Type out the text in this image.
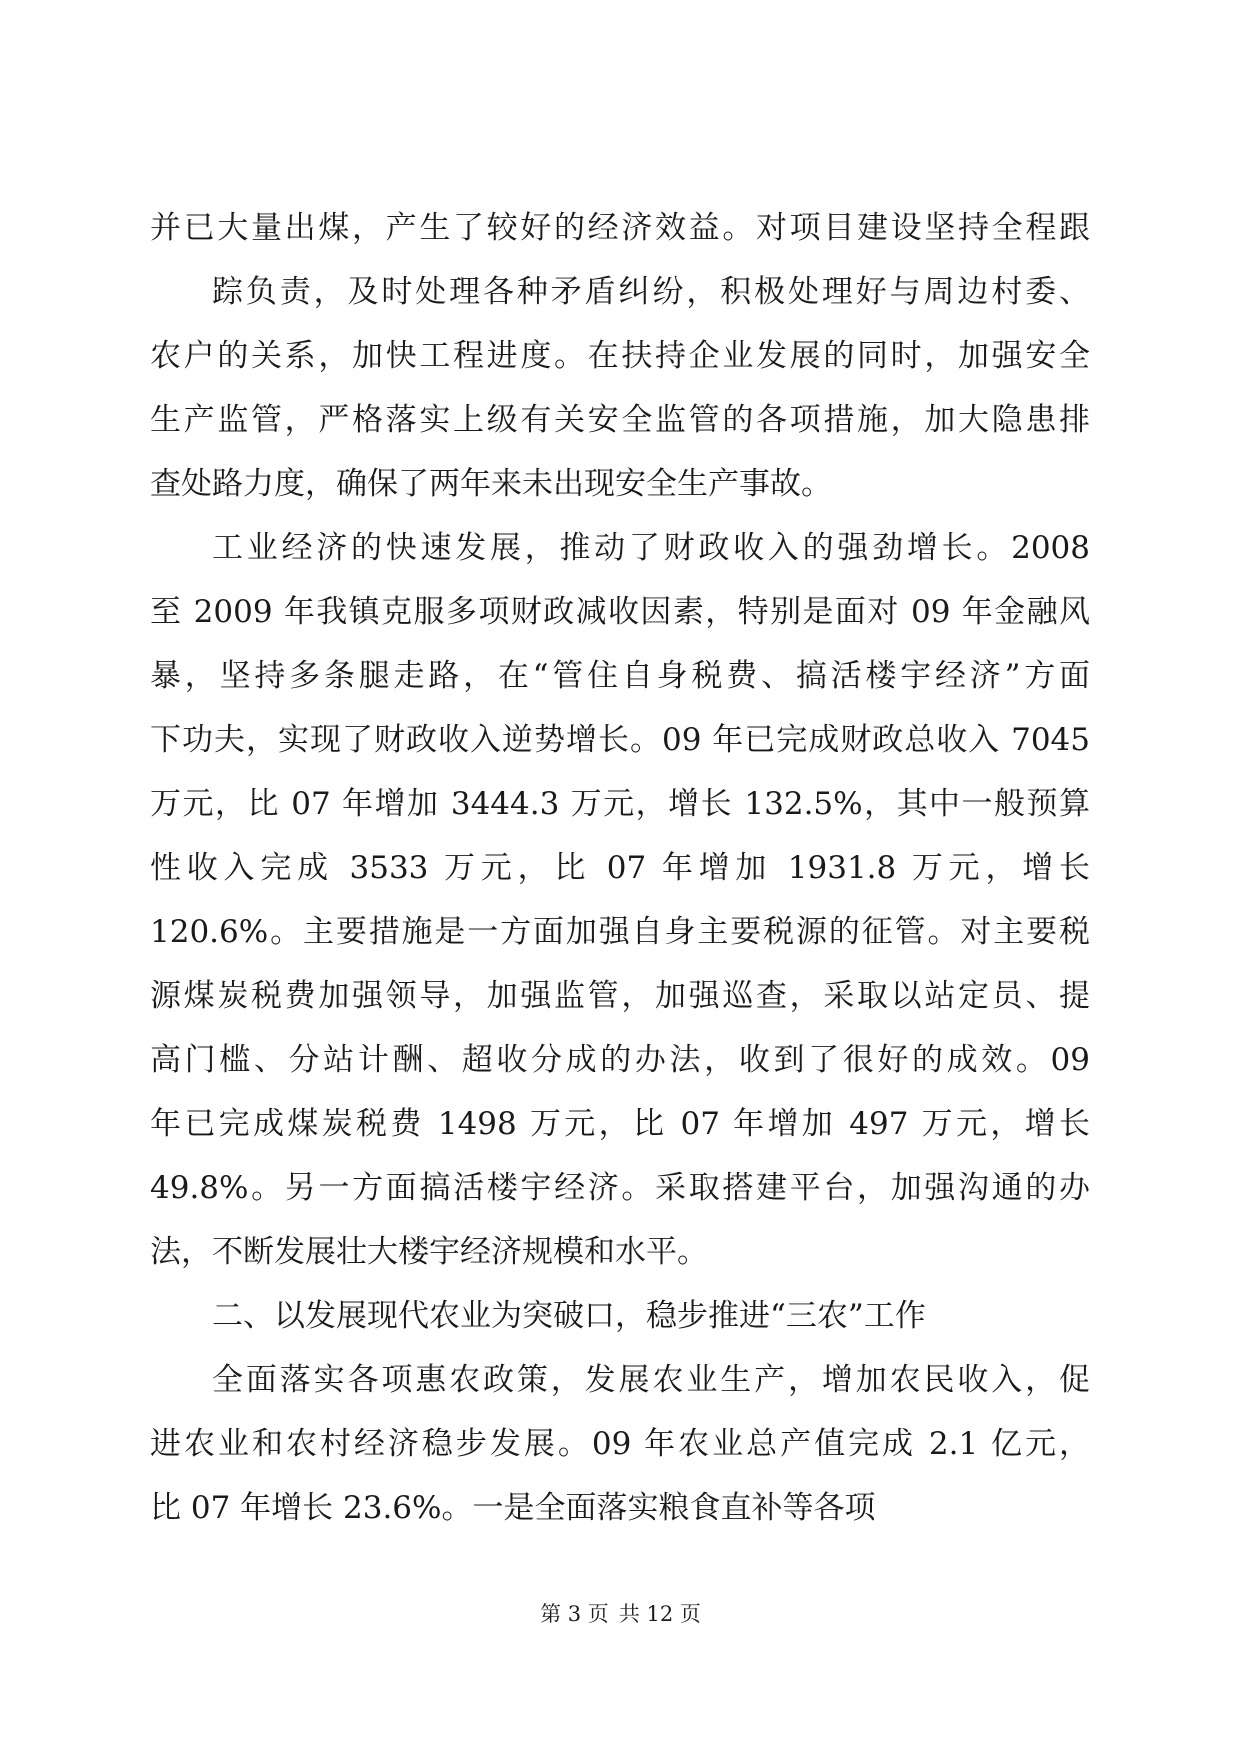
并已大量出煤，产生了较好的经济效益。对项目建设坚持全程跟
踪负责，及时处理各种矛盾纠纷，积极处理好与周边村委、
农户的关系，加快工程进度。在扶持企业发展的同时，加强安全
生产监管，严格落实上级有关安全监管的各项措施，加大隐患排
查处路力度，确保了两年来未出现安全生产事故。
工业经济的快速发展，推动了财政收入的强劲增长。2008
至 2009 年我镇克服多项财政减收因素，特别是面对 09 年金融风
暴，坚持多条腿走路，在“管住自身税费、搞活楼宇经济”方面
下功夫，实现了财政收入逆势增长。09 年已完成财政总收入 7045
万元，比 07 年增加 3444.3 万元，增长 132.5%，其中一般预算
性收入完成 3533 万元，比 07 年增加 1931.8 万元，增长
120.6%。主要措施是一方面加强自身主要税源的征管。对主要税
源煤炭税费加强领导，加强监管，加强巡查，采取以站定员、提
高门槛、分站计酬、超收分成的办法，收到了很好的成效。09
年已完成煤炭税费 1498 万元，比 07 年增加 497 万元，增长
49.8%。另一方面搞活楼宇经济。采取搭建平台，加强沟通的办
法，不断发展壮大楼宇经济规模和水平。
二、以发展现代农业为突破口，稳步推进“三农”工作
全面落实各项惠农政策，发展农业生产，增加农民收入，促
进农业和农村经济稳步发展。09 年农业总产值完成 2.1 亿元，
比 07 年增长 23.6%。一是全面落实粮食直补等各项
第 3 页 共 12 页
